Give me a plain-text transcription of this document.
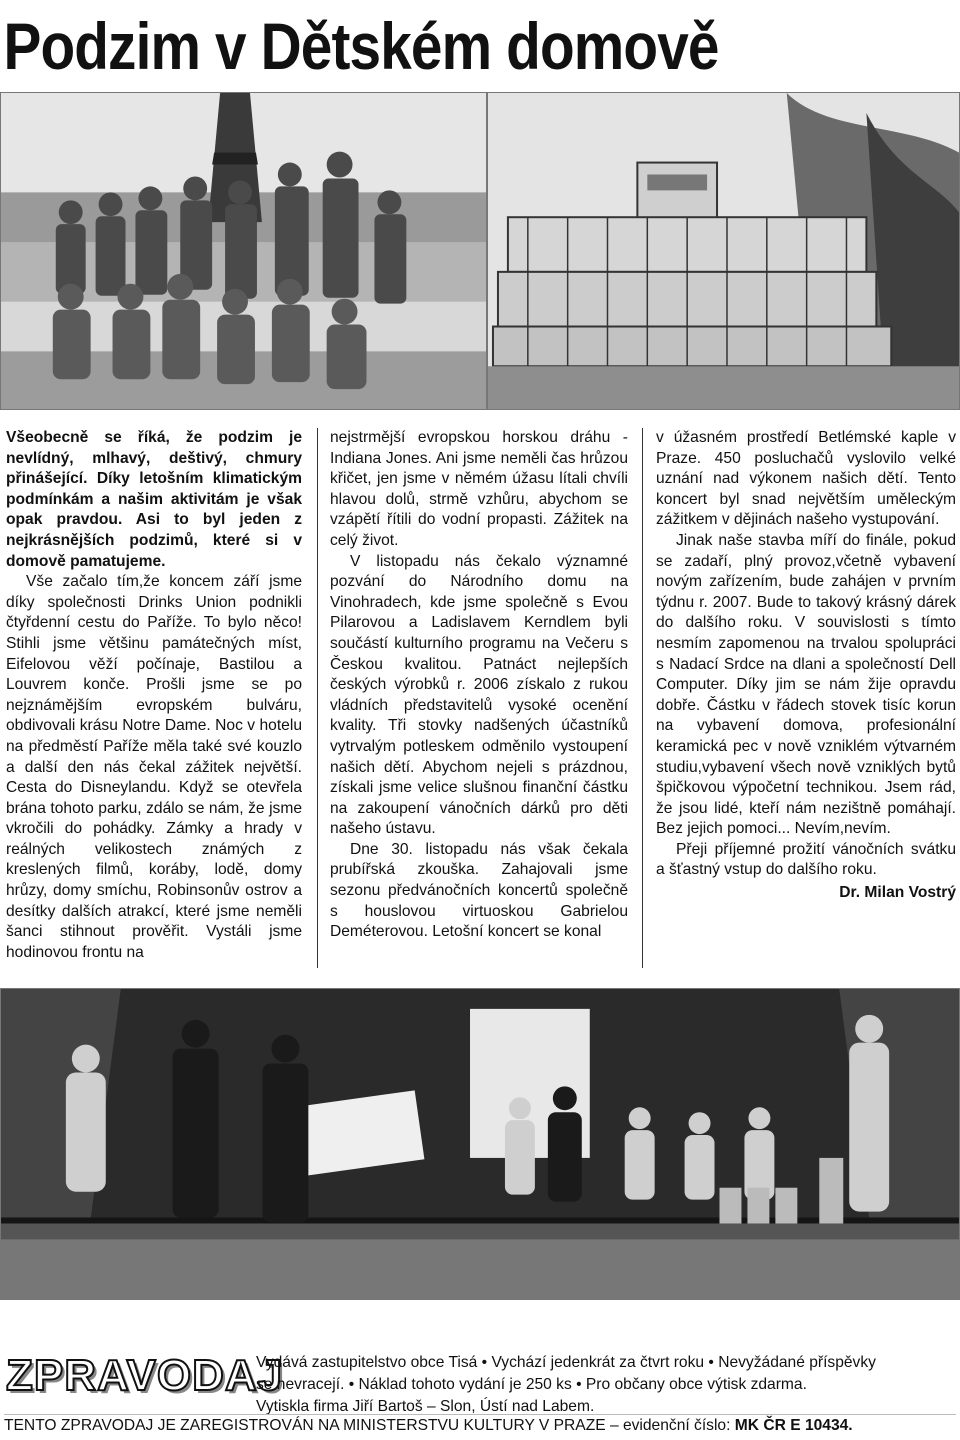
Podzim v Dětském domově

Všeobecně se říká, že podzim je nevlídný, mlhavý, deštivý, chmury přinášející. Díky letošním klimatickým podmínkám a našim aktivitám je však opak pravdou. Asi to byl jeden z nejkrásnějších podzimů, které si v domově pamatujeme.

Vše začalo tím,že koncem září jsme díky společnosti Drinks Union podnikli čtyřdenní cestu do Paříže. To bylo něco! Stihli jsme většinu památečných míst, Eifelovou věží počínaje, Bastilou a Louvrem konče. Prošli jsme se po nejznámějším evropském bulváru, obdivovali krásu Notre Dame. Noc v hotelu na předměstí Paříže měla také své kouzlo a další den nás čekal zážitek největší. Cesta do Disneylandu. Když se otevřela brána tohoto parku, zdálo se nám, že jsme vkročili do pohádky. Zámky a hrady v reálných velikostech známých z kreslených filmů, koráby, lodě, domy hrůzy, domy smíchu, Robinsonův ostrov a desítky dalších atrakcí, které jsme neměli šanci stihnout prověřit. Vystáli jsme hodinovou frontu na

nejstrmější evropskou horskou dráhu - Indiana Jones. Ani jsme neměli čas hrůzou křičet, jen jsme v němém úžasu lítali chvíli hlavou dolů, strmě vzhůru, abychom se vzápětí řítili do vodní propasti. Zážitek na celý život.

V listopadu nás čekalo významné pozvání do Národního domu na Vinohradech, kde jsme společně s Evou Pilarovou a Ladislavem Kerndlem byli součástí kulturního programu na Večeru s Českou kvalitou. Patnáct nejlepších českých výrobků r. 2006 získalo z rukou vládních představitelů vysoké ocenění kvality. Tři stovky nadšených účastníků vytrvalým potleskem odměnilo vystoupení našich dětí. Abychom nejeli s prázdnou, získali jsme velice slušnou finanční částku na zakoupení vánočních dárků pro děti našeho ústavu.

Dne 30. listopadu nás však čekala prubířská zkouška. Zahajovali jsme sezonu předvánočních koncertů společně s houslovou virtuoskou Gabrielou Deméterovou. Letošní koncert se konal

v úžasném prostředí Betlémské kaple v Praze. 450 posluchačů vyslovilo velké uznání nad výkonem našich dětí. Tento koncert byl snad největším uměleckým zážitkem v dějinách našeho vystupování.

Jinak naše stavba míří do finále, pokud se zadaří, plný provoz,včetně vybavení novým zařízením, bude zahájen v prvním týdnu r. 2007. Bude to takový krásný dárek do dalšího roku. V souvislosti s tímto nesmím zapomenou na trvalou spolupráci s Nadací Srdce na dlani a společností Dell Computer. Díky jim se nám žije opravdu dobře. Částku v řádech stovek tisíc korun na vybavení domova, profesionální keramická pec v nově vzniklém výtvarném studiu,vybavení všech nově vzniklých bytů špičkovou výpočetní technikou. Jsem rád, že jsou lidé, kteří nám nezištně pomáhají. Bez jejich pomoci... Nevím,nevím.

Přeji příjemné prožití vánočních svátku a šťastný vstup do dalšího roku.

Dr. Milan Vostrý

ZPRAVODAJ
Vydává zastupitelstvo obce Tisá • Vychází jedenkrát za čtvrt roku • Nevyžádané příspěvky
se nevracejí. • Náklad tohoto vydání je 250 ks • Pro občany obce výtisk zdarma.
Vytiskla firma Jiří Bartoš – Slon, Ústí nad Labem.
TENTO ZPRAVODAJ JE ZAREGISTROVÁN NA MINISTERSTVU KULTURY V PRAZE – evidenční číslo: MK ČR E 10434.
